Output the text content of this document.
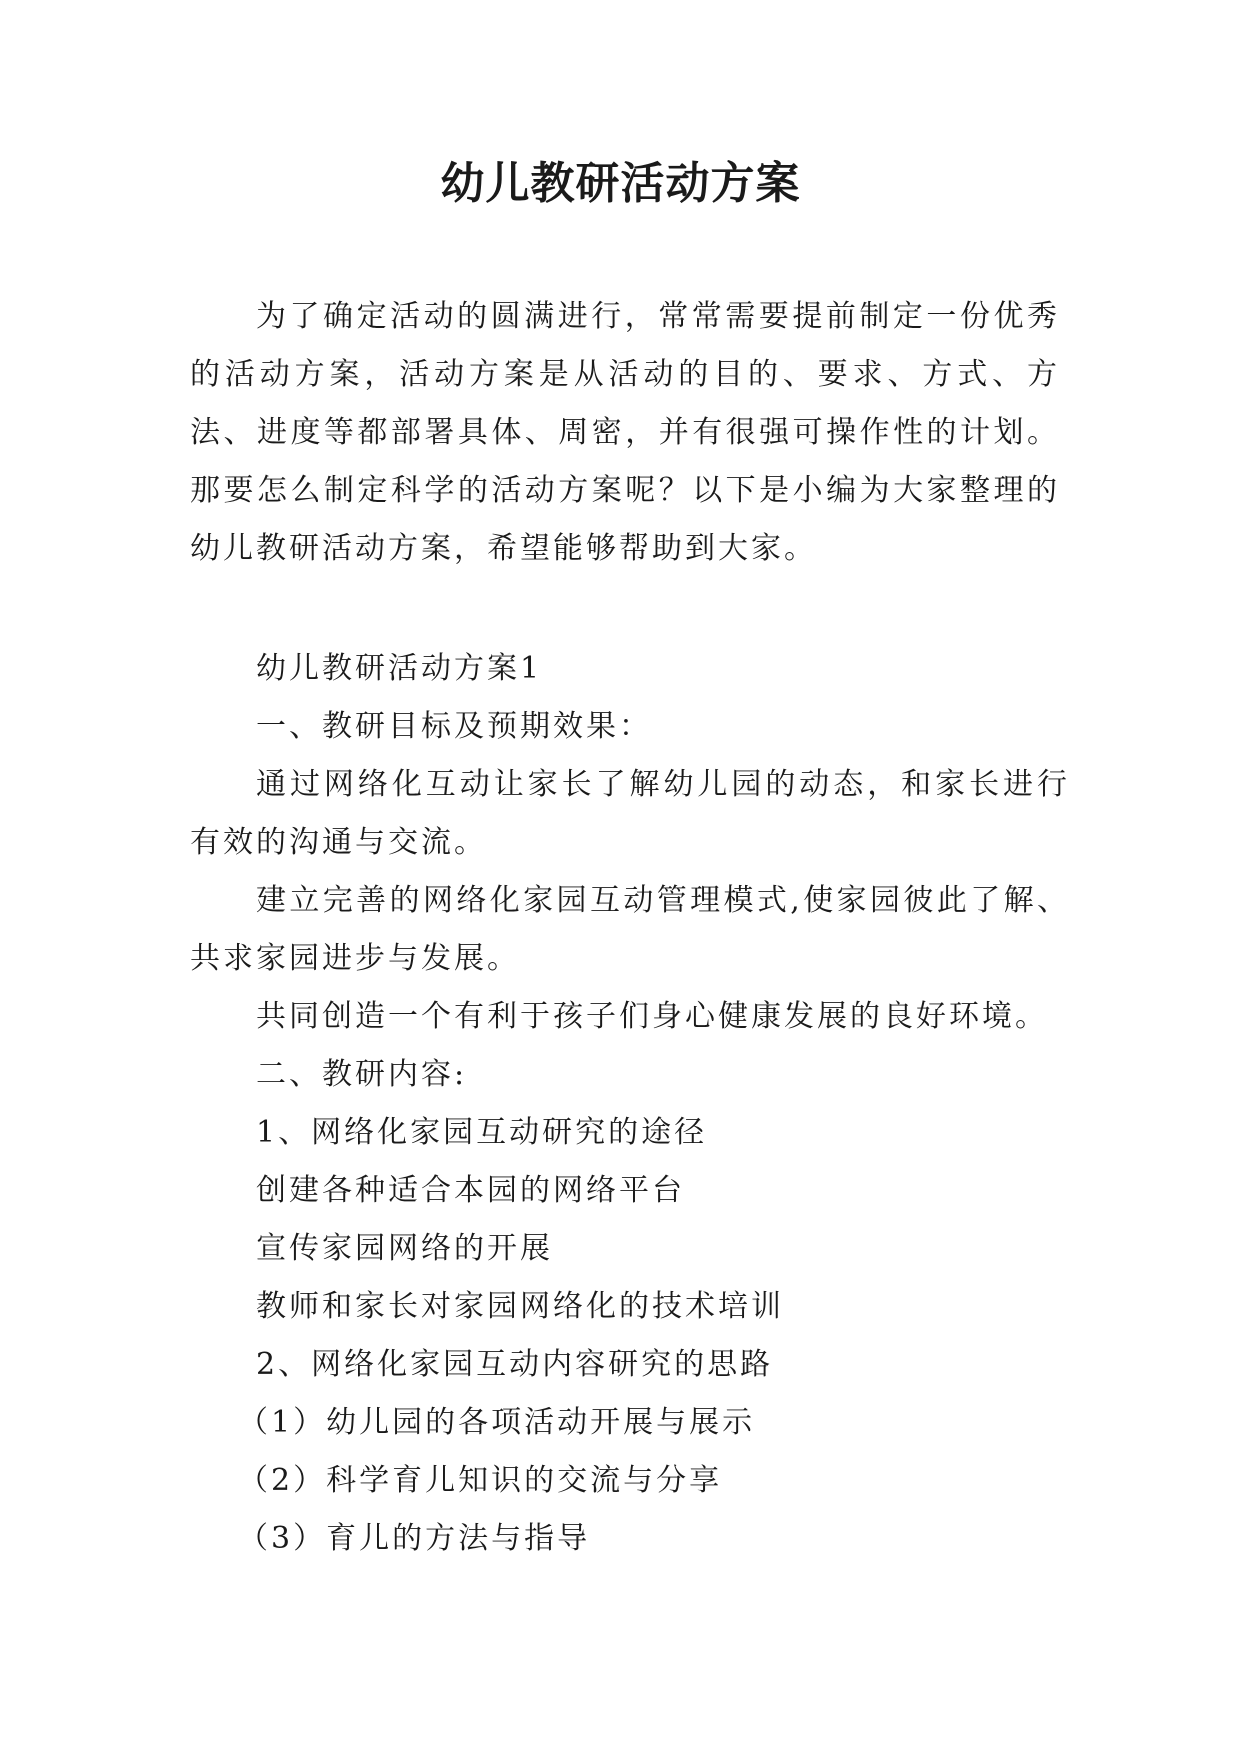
幼儿教研活动方案

为了确定活动的圆满进行，常常需要提前制定一份优秀的活动方案，活动方案是从活动的目的、要求、方式、方法、进度等都部署具体、周密，并有很强可操作性的计划。那要怎么制定科学的活动方案呢？以下是小编为大家整理的幼儿教研活动方案，希望能够帮助到大家。

幼儿教研活动方案1

一、教研目标及预期效果：

通过网络化互动让家长了解幼儿园的动态，和家长进行有效的沟通与交流。

建立完善的网络化家园互动管理模式,使家园彼此了解、共求家园进步与发展。

共同创造一个有利于孩子们身心健康发展的良好环境。

二、教研内容:

1、网络化家园互动研究的途径

创建各种适合本园的网络平台

宣传家园网络的开展

教师和家长对家园网络化的技术培训

2、网络化家园互动内容研究的思路

（1）幼儿园的各项活动开展与展示

（2）科学育儿知识的交流与分享

（3）育儿的方法与指导
